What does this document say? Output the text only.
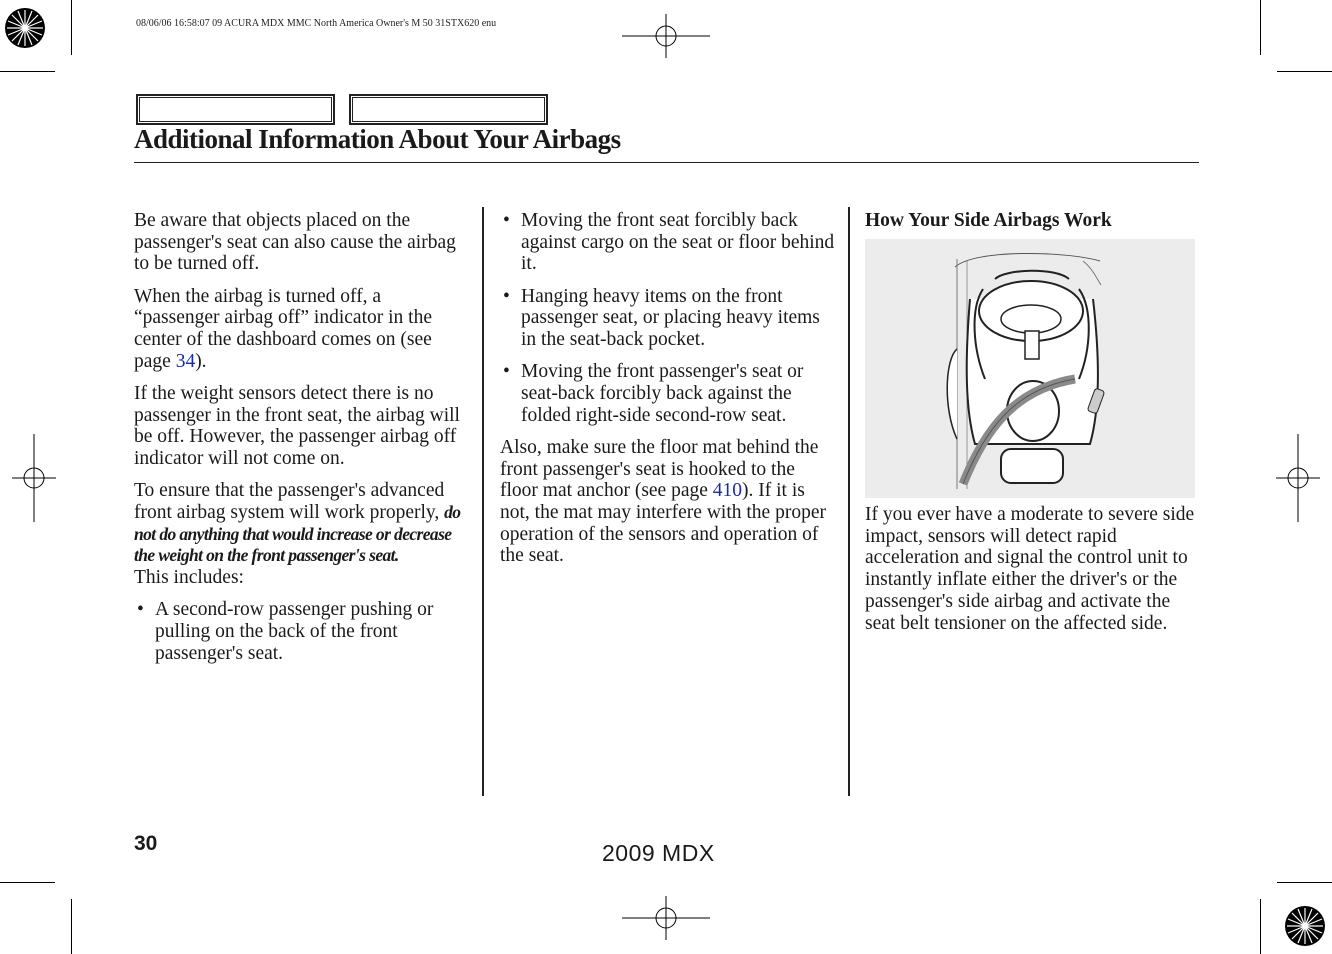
08/06/06 16:58:07 09 ACURA MDX MMC North America Owner's M 50 31STX620 enu
Additional Information About Your Airbags

Be aware that objects placed on the passenger's seat can also cause the airbag to be turned off.

When the airbag is turned off, a “passenger airbag off” indicator in the center of the dashboard comes on (see page 34).

If the weight sensors detect there is no passenger in the front seat, the airbag will be off. However, the passenger airbag off indicator will not come on.

To ensure that the passenger's advanced front airbag system will work properly, do not do anything that would increase or decrease the weight on the front passenger's seat.
This includes:

• A second-row passenger pushing or pulling on the back of the front passenger's seat.
• Moving the front seat forcibly back against cargo on the seat or floor behind it.
• Hanging heavy items on the front passenger seat, or placing heavy items in the seat-back pocket.
• Moving the front passenger's seat or seat-back forcibly back against the folded right-side second-row seat.

Also, make sure the floor mat behind the front passenger's seat is hooked to the floor mat anchor (see page 410). If it is not, the mat may interfere with the proper operation of the sensors and operation of the seat.

How Your Side Airbags Work

If you ever have a moderate to severe side impact, sensors will detect rapid acceleration and signal the control unit to instantly inflate either the driver's or the passenger's side airbag and activate the seat belt tensioner on the affected side.

30	2009 MDX
